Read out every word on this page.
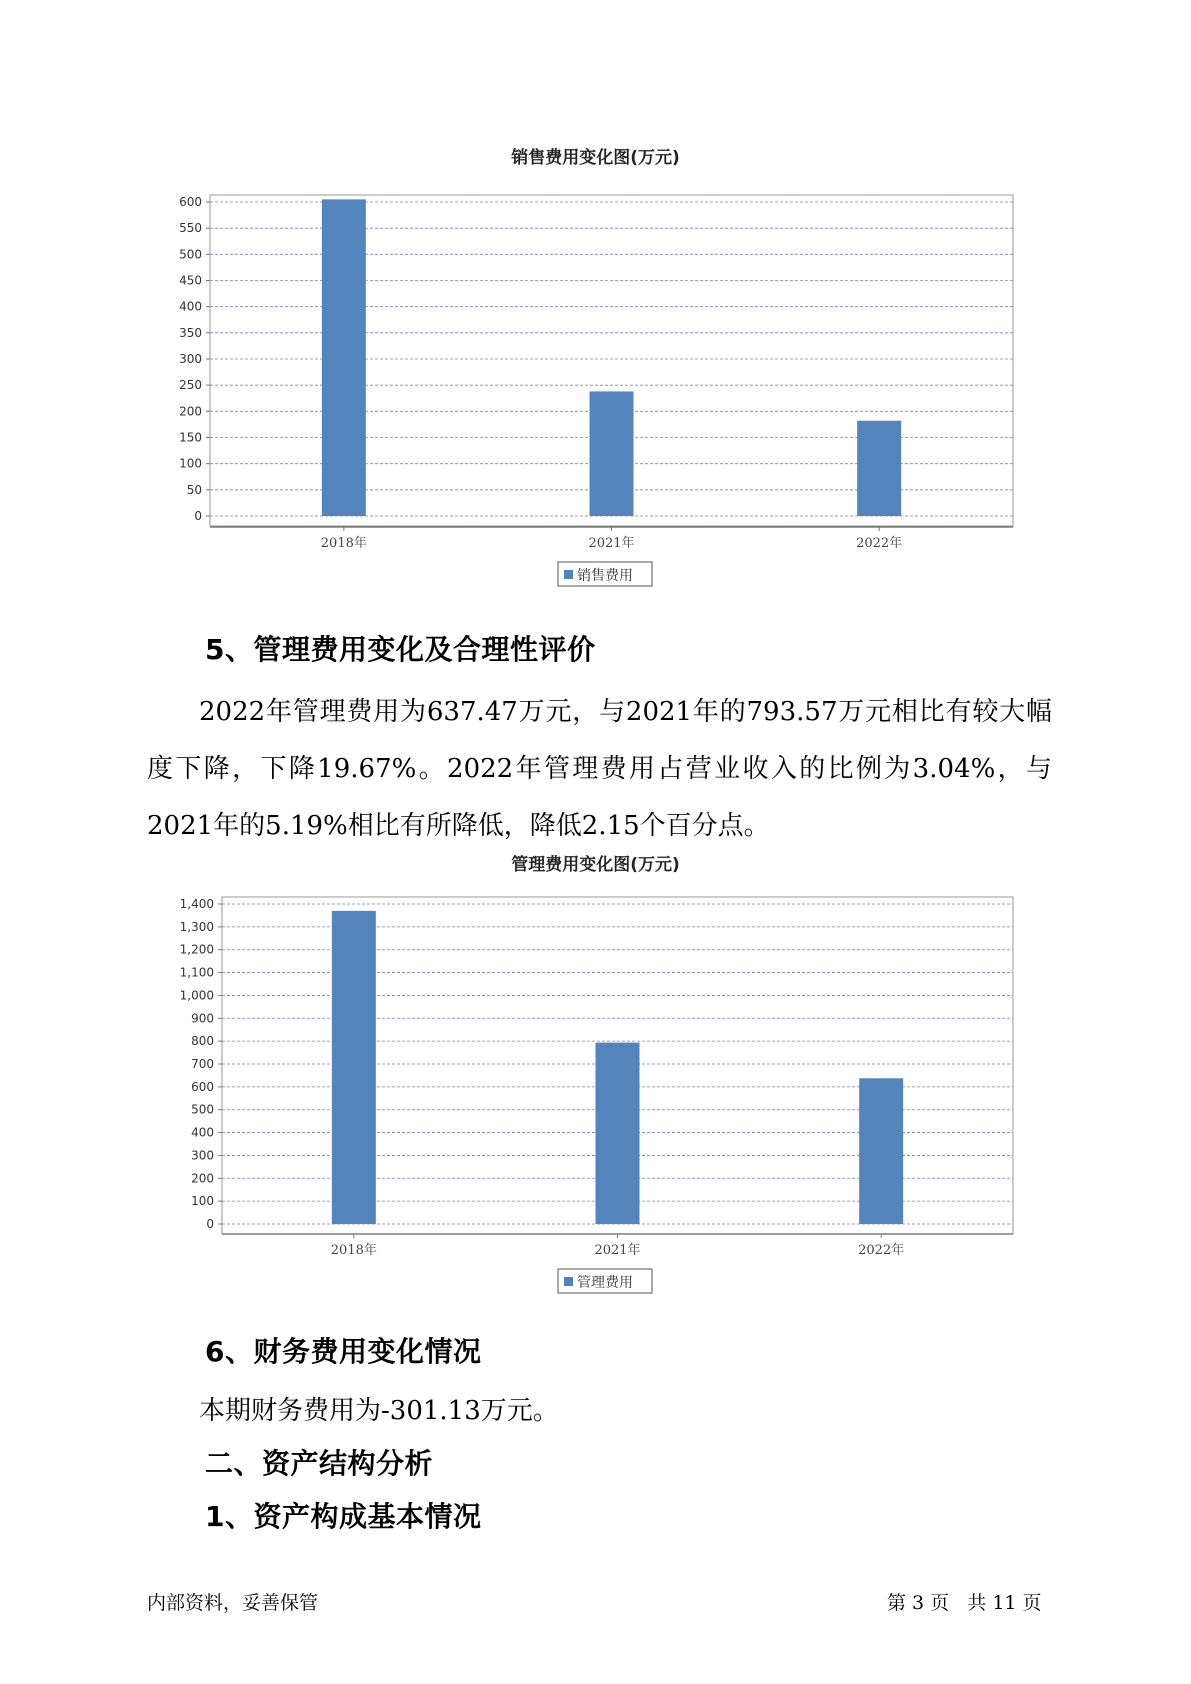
销售费用变化图(万元)
0
50
100
150
200
250
300
350
400
450
500
550
600
2018年	2021年	2022年
销售费用
5、管理费用变化及合理性评价
2022年管理费用为637.47万元，与2021年的793.57万元相比有较大幅度下降，下降19.67%。2022年管理费用占营业收入的比例为3.04%，与2021年的5.19%相比有所降低，降低2.15个百分点。
管理费用变化图(万元)
0
100
200
300
400
500
600
700
800
900
1,000
1,100
1,200
1,300
1,400
2018年	2021年	2022年
管理费用
6、财务费用变化情况
本期财务费用为-301.13万元。
二、资产结构分析
1、资产构成基本情况
内部资料，妥善保管	第 3 页   共 11 页
